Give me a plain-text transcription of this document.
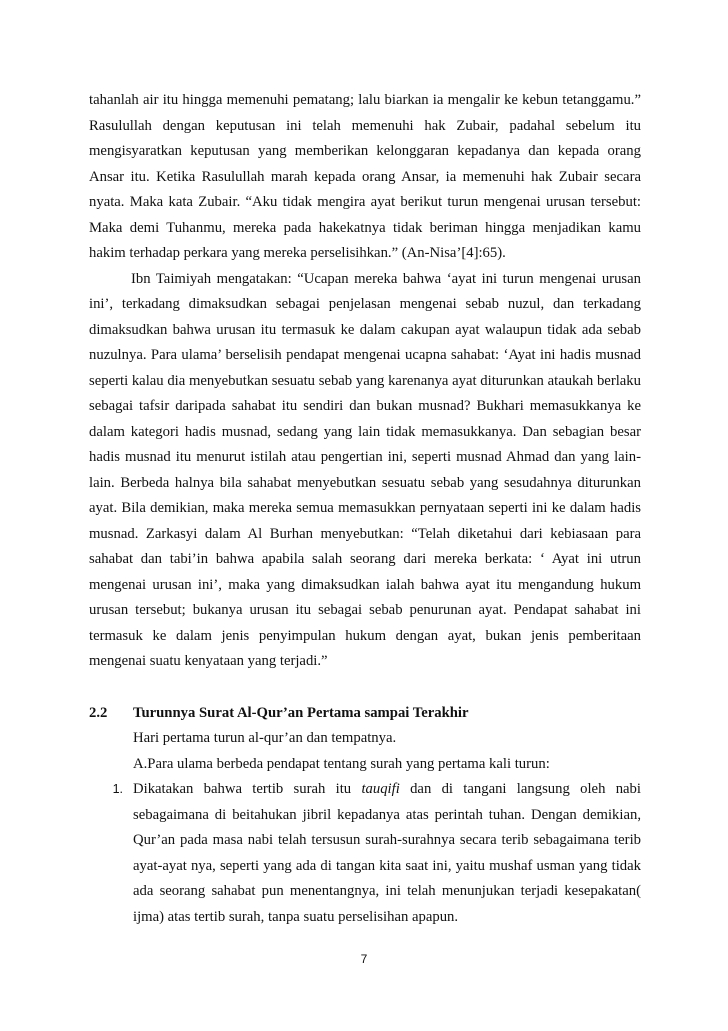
tahanlah air itu hingga memenuhi pematang; lalu biarkan ia mengalir ke kebun tetanggamu.” Rasulullah dengan keputusan ini telah memenuhi hak Zubair, padahal sebelum itu mengisyaratkan keputusan yang memberikan kelonggaran kepadanya dan kepada orang Ansar itu. Ketika Rasulullah marah kepada orang Ansar, ia memenuhi hak Zubair secara nyata. Maka kata Zubair. “Aku tidak mengira ayat berikut turun mengenai urusan tersebut: Maka demi Tuhanmu, mereka pada hakekatnya tidak beriman hingga menjadikan kamu hakim terhadap perkara yang mereka perselisihkan.” (An-Nisa’[4]:65).

Ibn Taimiyah mengatakan: “Ucapan mereka bahwa ‘ayat ini turun mengenai urusan ini’, terkadang dimaksudkan sebagai penjelasan mengenai sebab nuzul, dan terkadang dimaksudkan bahwa urusan itu termasuk ke dalam cakupan ayat walaupun tidak ada sebab nuzulnya. Para ulama’ berselisih pendapat mengenai ucapna sahabat: ‘Ayat ini hadis musnad seperti kalau dia menyebutkan sesuatu sebab yang karenanya ayat diturunkan ataukah berlaku sebagai tafsir daripada sahabat itu sendiri dan bukan musnad? Bukhari memasukkanya ke dalam kategori hadis musnad, sedang yang lain tidak memasukkanya. Dan sebagian besar hadis musnad itu menurut istilah atau pengertian ini, seperti musnad Ahmad dan yang lain-lain. Berbeda halnya bila sahabat menyebutkan sesuatu sebab yang sesudahnya diturunkan ayat. Bila demikian, maka mereka semua memasukkan pernyataan seperti ini ke dalam hadis musnad. Zarkasyi dalam Al Burhan menyebutkan: “Telah diketahui dari kebiasaan para sahabat dan tabi’in bahwa apabila salah seorang dari mereka berkata: ‘ Ayat ini utrun mengenai urusan ini’, maka yang dimaksudkan ialah bahwa ayat itu mengandung hukum urusan tersebut; bukanya urusan itu sebagai sebab penurunan ayat. Pendapat sahabat ini termasuk ke dalam jenis penyimpulan hukum dengan ayat, bukan jenis pemberitaan mengenai suatu kenyataan yang terjadi.”

2.2	Turunnya Surat Al-Qur’an Pertama sampai Terakhir
Hari pertama turun al-qur’an dan tempatnya.
A.Para ulama berbeda pendapat tentang surah yang pertama kali turun:
1. Dikatakan bahwa tertib surah itu tauqifi dan di tangani langsung oleh nabi sebagaimana di beitahukan jibril kepadanya atas perintah tuhan. Dengan demikian, Qur’an pada masa nabi telah tersusun surah-surahnya secara terib sebagaimana terib ayat-ayat nya, seperti yang ada di tangan kita saat ini, yaitu mushaf usman yang tidak ada seorang sahabat pun menentangnya, ini telah menunjukan terjadi kesepakatan( ijma) atas tertib surah, tanpa suatu perselisihan apapun.
7
